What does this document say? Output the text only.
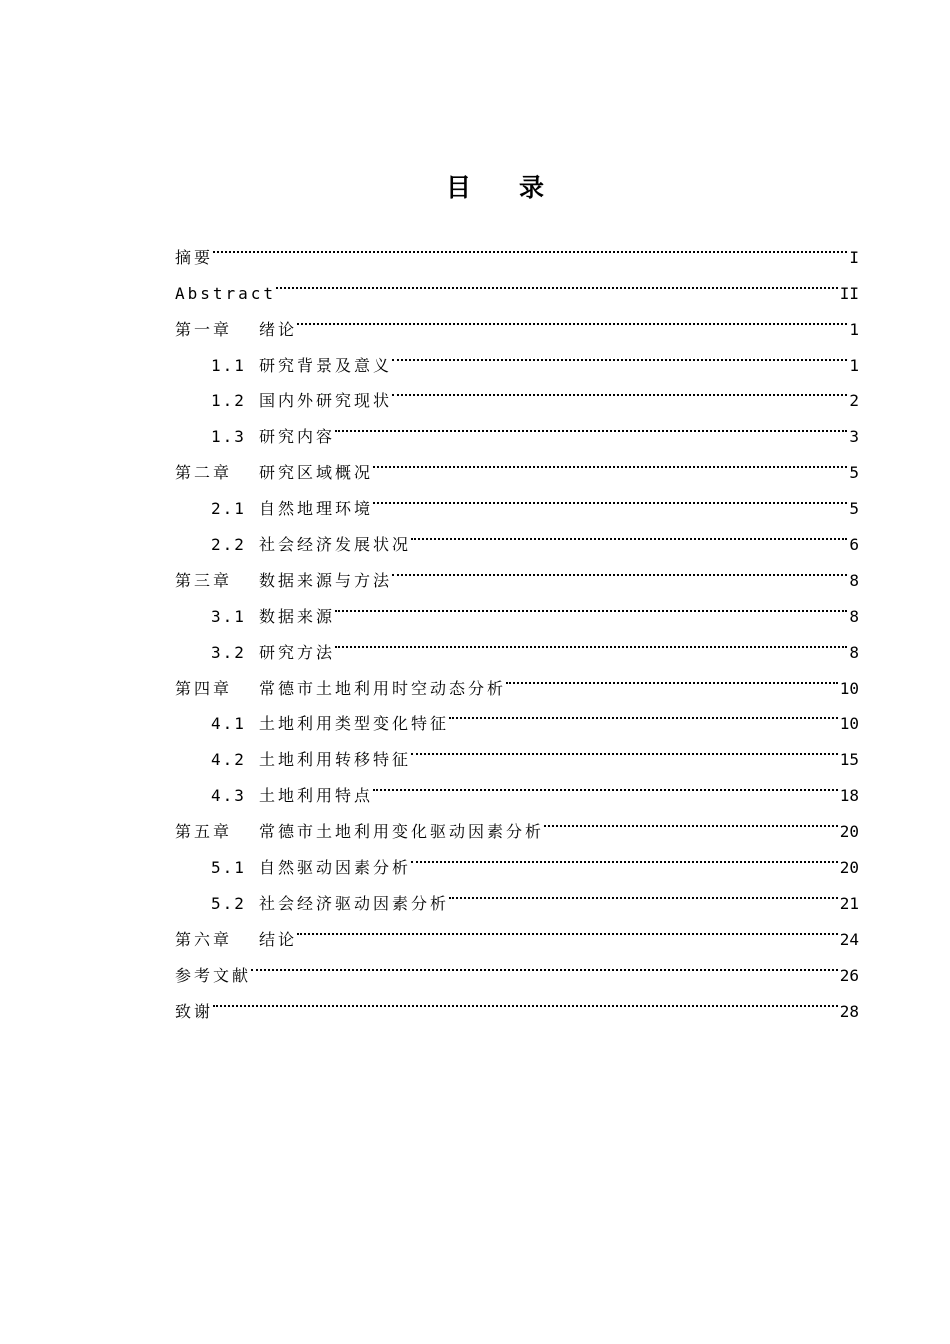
目 录
摘要	I
Abstract	II
第一章	绪论	1
1.1 研究背景及意义	1
1.2 国内外研究现状	2
1.3 研究内容	3
第二章	研究区域概况	5
2.1 自然地理环境	5
2.2 社会经济发展状况	6
第三章	数据来源与方法	8
3.1 数据来源	8
3.2 研究方法	8
第四章	常德市土地利用时空动态分析	10
4.1 土地利用类型变化特征	10
4.2 土地利用转移特征	15
4.3 土地利用特点	18
第五章	常德市土地利用变化驱动因素分析	20
5.1 自然驱动因素分析	20
5.2 社会经济驱动因素分析	21
第六章	结论	24
参考文献	26
致谢	28
